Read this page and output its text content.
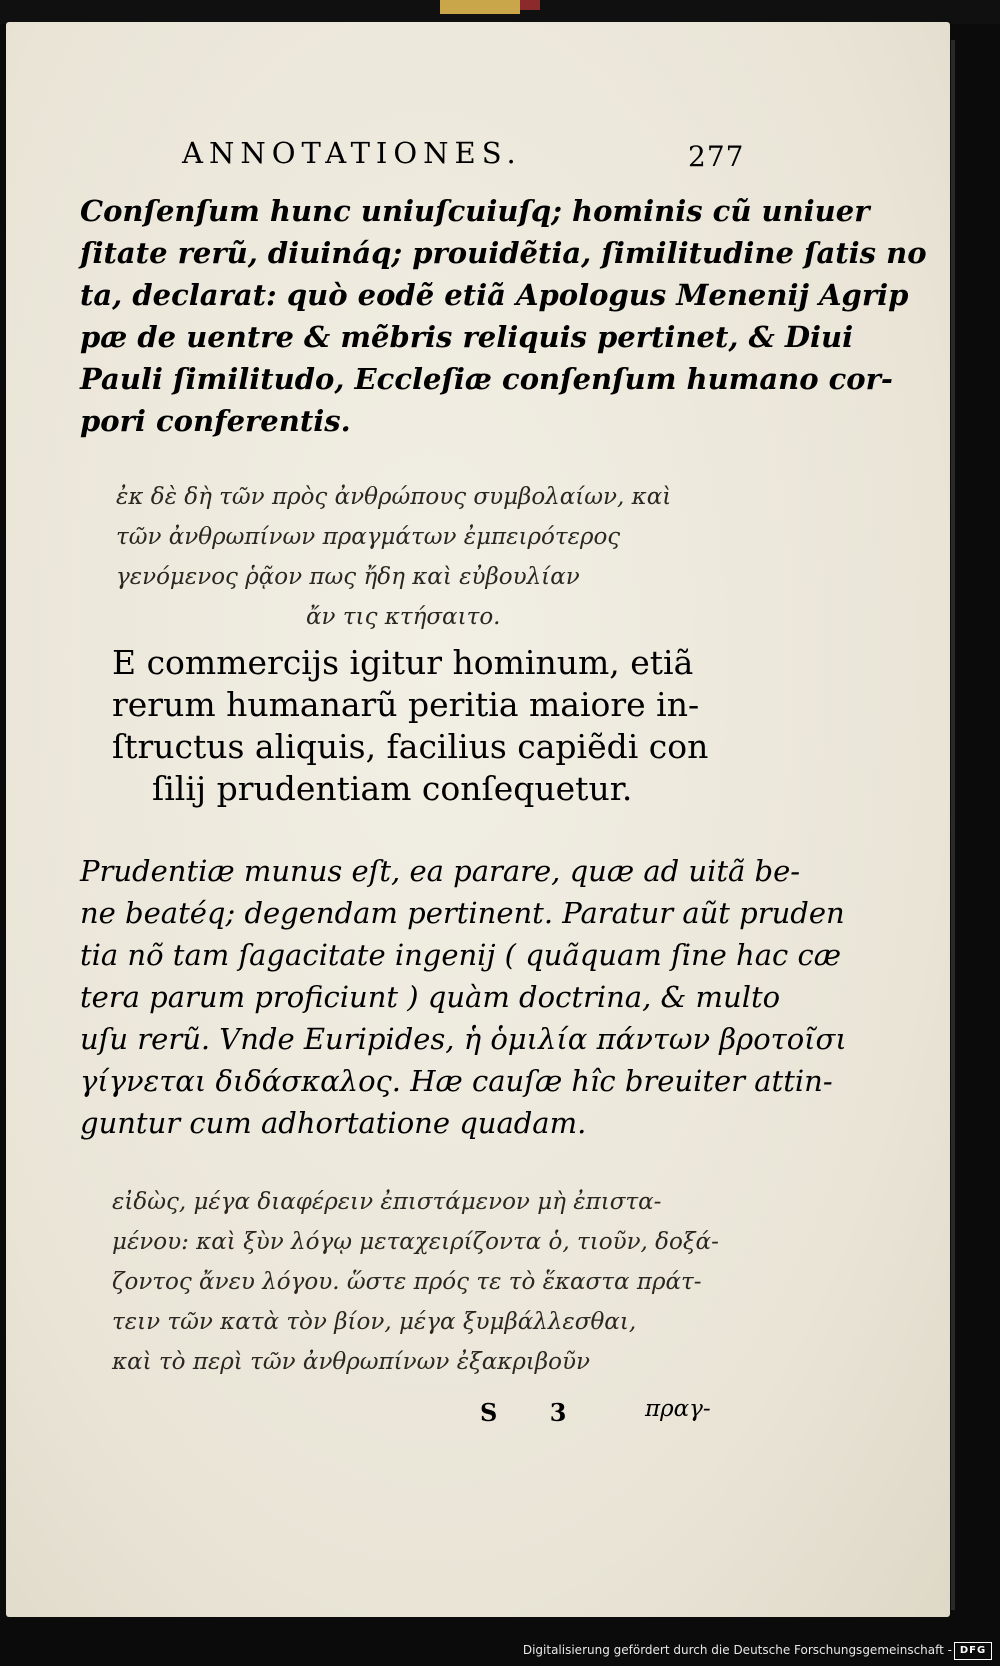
ANNOTATIONES.	277
Conſenſum hunc uniuſcuiuſq; hominis cũ uniuer
ſitate rerũ, diuináq; prouidẽtia, ſimilitudine ſatis no
ta, declarat: quò eodẽ etiã Apologus Menenij Agrip
pæ de uentre & mẽbris reliquis pertinet, & Diui
Pauli ſimilitudo, Eccleſiæ conſenſum humano cor-
pori conferentis.
ἐκ δὲ δὴ τῶν πρὸς ἀνθρώπους συμβολαίων, καὶ
τῶν ἀνθρωπίνων πραγμάτων ἐμπειρότερος
γενόμενος ῥᾷον πως ἤδη καὶ εὐβουλίαν
ἄν τις κτήσαιτο.
E commercijs igitur hominum, etiã
rerum humanarũ peritia maiore in-
ſtructus aliquis, facilius capiẽdi con
ſilij prudentiam conſequetur.
Prudentiæ munus eſt, ea parare, quæ ad uitã be-
ne beatéq; degendam pertinent. Paratur aũt pruden
tia nõ tam ſagacitate ingenij ( quãquam ſine hac cæ
tera parum proficiunt ) quàm doctrina, & multo
uſu rerũ. Vnde Euripides, ἡ ὁμιλία πάντων βροτοῖσι
γίγνεται διδάσκαλος. Hæ cauſæ hîc breuiter attin-
guntur cum adhortatione quadam.
εἰδὼς, μέγα διαφέρειν ἐπιστάμενον μὴ ἐπιστα-
μένου: καὶ ξὺν λόγῳ μεταχειρίζοντα ὁ, τιοῦν, δοξά-
ζοντος ἄνευ λόγου. ὥστε πρός τε τὸ ἕκαστα πράτ-
τειν τῶν κατὰ τὸν βίον, μέγα ξυμβάλλεσθαι,
καὶ τὸ περὶ τῶν ἀνθρωπίνων ἐξακριβοῦν
S 3 πραγ-
Digitalisierung gefördert durch die Deutsche Forschungsgemeinschaft - DFG
